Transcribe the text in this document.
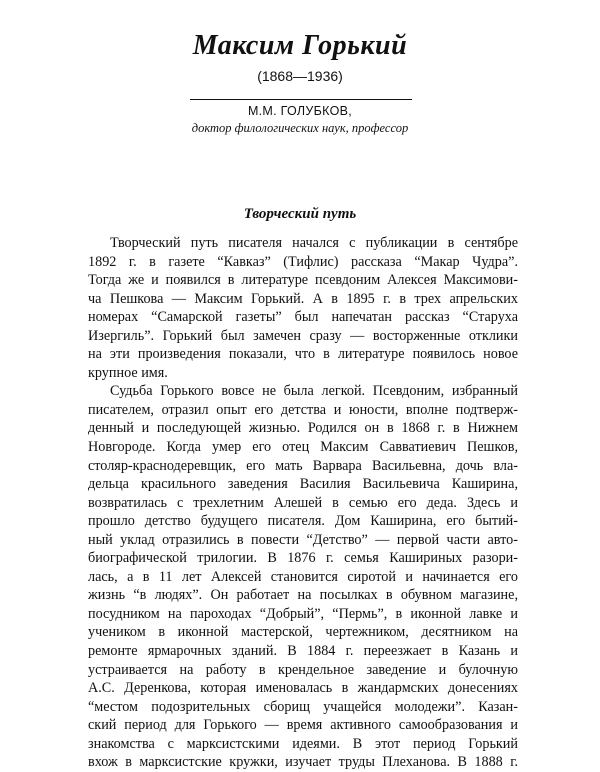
Максим Горький
(1868—1936)
М.М. ГОЛУБКОВ,
доктор филологических наук, профессор
Творческий путь
Творческий путь писателя начался с публикации в сентябре
1892 г. в газете “Кавказ” (Тифлис) рассказа “Макар Чудра”.
Тогда же и появился в литературе псевдоним Алексея Максимови-
ча Пешкова — Максим Горький. А в 1895 г. в трех апрельских
номерах “Самарской газеты” был напечатан рассказ “Старуха
Изергиль”. Горький был замечен сразу — восторженные отклики
на эти произведения показали, что в литературе появилось новое
крупное имя.
Судьба Горького вовсе не была легкой. Псевдоним, избранный
писателем, отразил опыт его детства и юности, вполне подтверж-
денный и последующей жизнью. Родился он в 1868 г. в Нижнем
Новгороде. Когда умер его отец Максим Савватиевич Пешков,
столяр-краснодеревщик, его мать Варвара Васильевна, дочь вла-
дельца красильного заведения Василия Васильевича Каширина,
возвратилась с трехлетним Алешей в семью его деда. Здесь и
прошло детство будущего писателя. Дом Каширина, его бытий-
ный уклад отразились в повести “Детство” — первой части авто-
биографической трилогии. В 1876 г. семья Кашириных разори-
лась, а в 11 лет Алексей становится сиротой и начинается его
жизнь “в людях”. Он работает на посылках в обувном магазине,
посудником на пароходах “Добрый”, “Пермь”, в иконной лавке и
учеником в иконной мастерской, чертежником, десятником на
ремонте ярмарочных зданий. В 1884 г. переезжает в Казань и
устраивается на работу в крендельное заведение и булочную
А.С. Деренкова, которая именовалась в жандармских донесениях
“местом подозрительных сборищ учащейся молодежи”. Казан-
ский период для Горького — время активного самообразования и
знакомства с марксистскими идеями. В этот период Горький
вхож в марксистские кружки, изучает труды Плеханова. В 1888 г.
